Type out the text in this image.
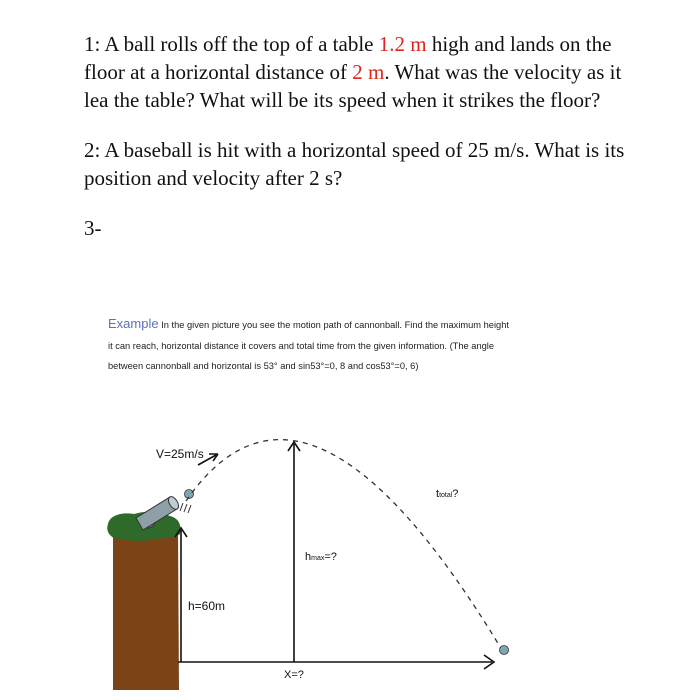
1: A ball rolls off the top of a table 1.2 m high and lands on the floor at a horizontal distance of 2 m. What was the velocity as it lea the table? What will be its speed when it strikes the floor?

2: A baseball is hit with a horizontal speed of 25 m/s. What is its position and velocity after 2 s?

3-

Example In the given picture you see the motion path of cannonball. Find the maximum height it can reach, horizontal distance it covers and total time from the given information. (The angle between cannonball and horizontal is 53° and sin53°=0, 8 and cos53°=0, 6)
V=25m/s
h=60m
hmax=?
ttotal?
X=?
